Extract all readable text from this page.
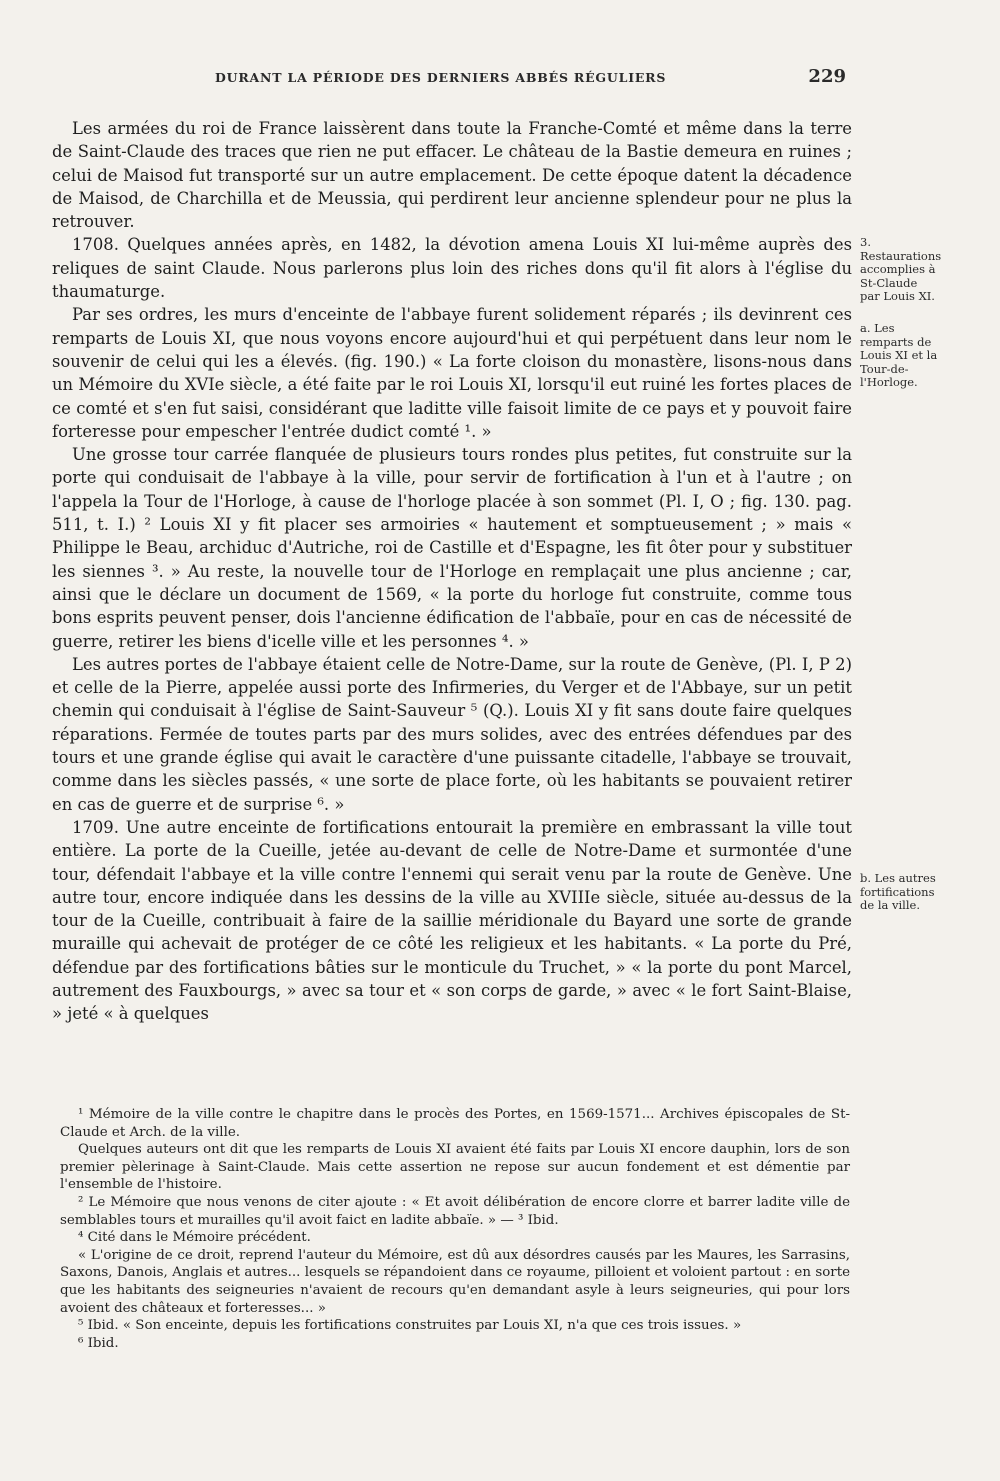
DURANT LA PÉRIODE DES DERNIERS ABBÉS RÉGULIERS	229

Les armées du roi de France laissèrent dans toute la Franche-Comté et même dans la terre de Saint-Claude des traces que rien ne put effacer. Le château de la Bastie demeura en ruines ; celui de Maisod fut transporté sur un autre emplacement. De cette époque datent la décadence de Maisod, de Charchilla et de Meussia, qui perdirent leur ancienne splendeur pour ne plus la retrouver.

1708. Quelques années après, en 1482, la dévotion amena Louis XI lui-même auprès des reliques de saint Claude. Nous parlerons plus loin des riches dons qu'il fit alors à l'église du thaumaturge.

Par ses ordres, les murs d'enceinte de l'abbaye furent solidement réparés ; ils devinrent ces remparts de Louis XI, que nous voyons encore aujourd'hui et qui perpétuent dans leur nom le souvenir de celui qui les a élevés. (fig. 190.) « La forte cloison du monastère, lisons-nous dans un Mémoire du XVIe siècle, a été faite par le roi Louis XI, lorsqu'il eut ruiné les fortes places de ce comté et s'en fut saisi, considérant que laditte ville faisoit limite de ce pays et y pouvoit faire forteresse pour empescher l'entrée dudict comté ¹. »

Une grosse tour carrée flanquée de plusieurs tours rondes plus petites, fut construite sur la porte qui conduisait de l'abbaye à la ville, pour servir de fortification à l'un et à l'autre ; on l'appela la Tour de l'Horloge, à cause de l'horloge placée à son sommet (Pl. I, O ; fig. 130. pag. 511, t. I.) ² Louis XI y fit placer ses armoiries « hautement et somptueusement ; » mais « Philippe le Beau, archiduc d'Autriche, roi de Castille et d'Espagne, les fit ôter pour y substituer les siennes ³. » Au reste, la nouvelle tour de l'Horloge en remplaçait une plus ancienne ; car, ainsi que le déclare un document de 1569, « la porte du horloge fut construite, comme tous bons esprits peuvent penser, dois l'ancienne édification de l'abbaïe, pour en cas de nécessité de guerre, retirer les biens d'icelle ville et les personnes ⁴. »

Les autres portes de l'abbaye étaient celle de Notre-Dame, sur la route de Genève, (Pl. I, P 2) et celle de la Pierre, appelée aussi porte des Infirmeries, du Verger et de l'Abbaye, sur un petit chemin qui conduisait à l'église de Saint-Sauveur ⁵ (Q.). Louis XI y fit sans doute faire quelques réparations. Fermée de toutes parts par des murs solides, avec des entrées défendues par des tours et une grande église qui avait le caractère d'une puissante citadelle, l'abbaye se trouvait, comme dans les siècles passés, « une sorte de place forte, où les habitants se pouvaient retirer en cas de guerre et de surprise ⁶. »

1709. Une autre enceinte de fortifications entourait la première en embrassant la ville tout entière. La porte de la Cueille, jetée au-devant de celle de Notre-Dame et surmontée d'une tour, défendait l'abbaye et la ville contre l'ennemi qui serait venu par la route de Genève. Une autre tour, encore indiquée dans les dessins de la ville au XVIIIe siècle, située au-dessus de la tour de la Cueille, contribuait à faire de la saillie méridionale du Bayard une sorte de grande muraille qui achevait de protéger de ce côté les religieux et les habitants. « La porte du Pré, défendue par des fortifications bâties sur le monticule du Truchet, » « la porte du pont Marcel, autrement des Fauxbourgs, » avec sa tour et « son corps de garde, » avec « le fort Saint-Blaise, » jeté « à quelques

3. Restaurations accomplies à St-Claude par Louis XI.
a. Les remparts de Louis XI et la Tour-de-l'Horloge.
b. Les autres fortifications de la ville.

¹ Mémoire de la ville contre le chapitre dans le procès des Portes, en 1569-1571... Archives épiscopales de St-Claude et Arch. de la ville.

Quelques auteurs ont dit que les remparts de Louis XI avaient été faits par Louis XI encore dauphin, lors de son premier pèlerinage à Saint-Claude. Mais cette assertion ne repose sur aucun fondement et est démentie par l'ensemble de l'histoire.

² Le Mémoire que nous venons de citer ajoute : « Et avoit délibération de encore clorre et barrer ladite ville de semblables tours et murailles qu'il avoit faict en ladite abbaïe. » — ³ Ibid.

⁴ Cité dans le Mémoire précédent.

« L'origine de ce droit, reprend l'auteur du Mémoire, est dû aux désordres causés par les Maures, les Sarrasins, Saxons, Danois, Anglais et autres... lesquels se répandoient dans ce royaume, pilloient et voloient partout : en sorte que les habitants des seigneuries n'avaient de recours qu'en demandant asyle à leurs seigneuries, qui pour lors avoient des châteaux et forteresses... »

⁵ Ibid. « Son enceinte, depuis les fortifications construites par Louis XI, n'a que ces trois issues. »

⁶ Ibid.
